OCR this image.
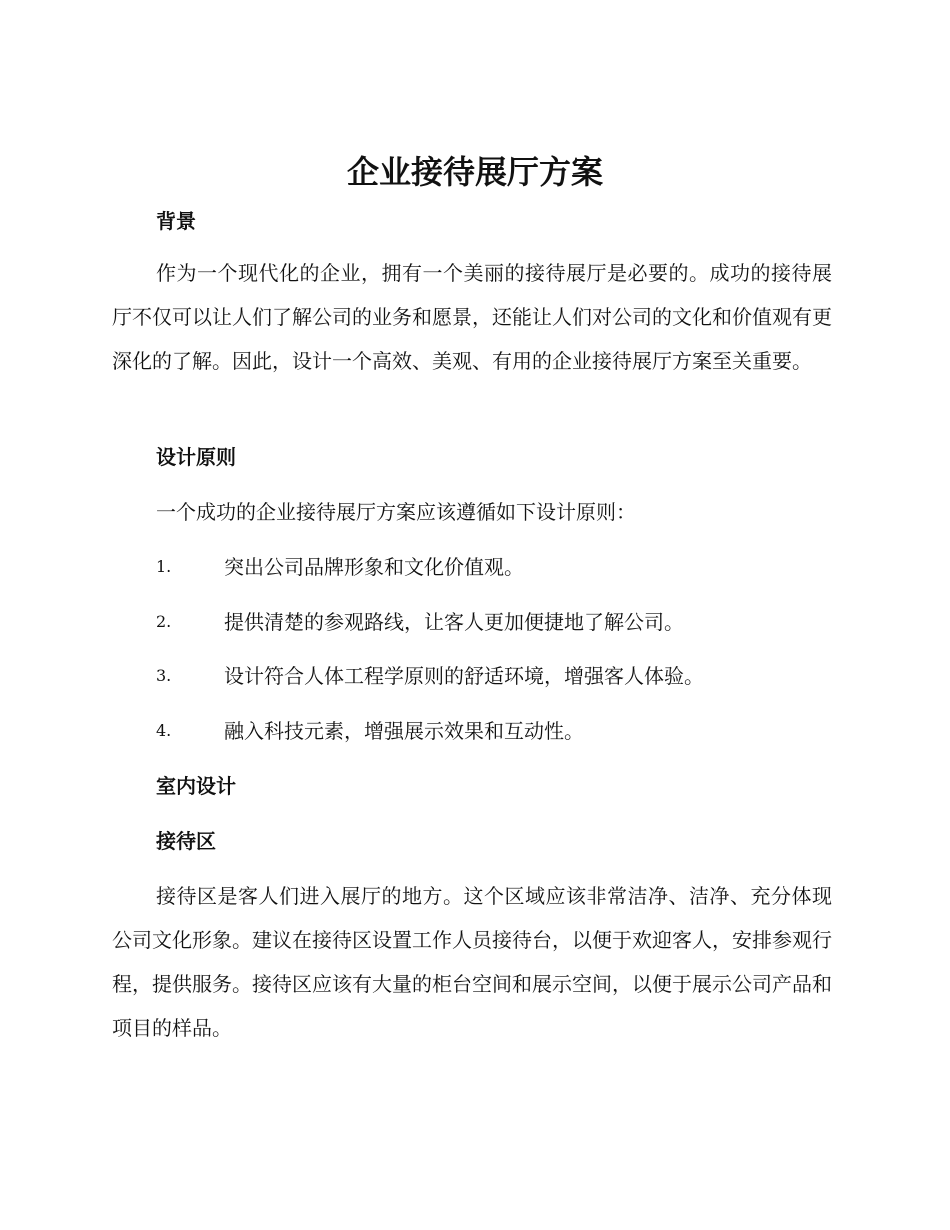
企业接待展厅方案
背景

作为一个现代化的企业，拥有一个美丽的接待展厅是必要的。成功的接待展厅不仅可以让人们了解公司的业务和愿景，还能让人们对公司的文化和价值观有更深化的了解。因此，设计一个高效、美观、有用的企业接待展厅方案至关重要。

设计原则

一个成功的企业接待展厅方案应该遵循如下设计原则：

1.	突出公司品牌形象和文化价值观。
2.	提供清楚的参观路线，让客人更加便捷地了解公司。
3.	设计符合人体工程学原则的舒适环境，增强客人体验。
4.	融入科技元素，增强展示效果和互动性。
室内设计
接待区

接待区是客人们进入展厅的地方。这个区域应该非常洁净、洁净、充分体现公司文化形象。建议在接待区设置工作人员接待台，以便于欢迎客人，安排参观行程，提供服务。接待区应该有大量的柜台空间和展示空间，以便于展示公司产品和项目的样品。
